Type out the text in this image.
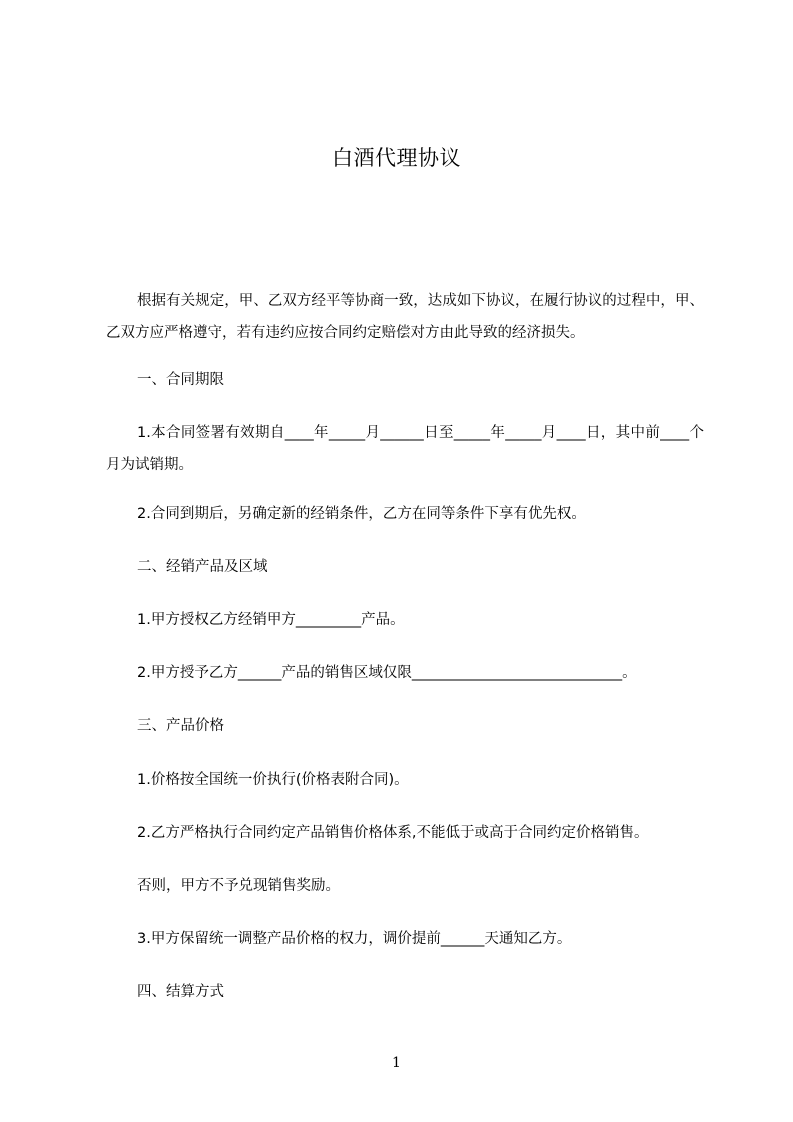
白酒代理协议
根据有关规定，甲、乙双方经平等协商一致，达成如下协议，在履行协议的过程中，甲、乙双方应严格遵守，若有违约应按合同约定赔偿对方由此导致的经济损失。
一、合同期限
1.本合同签署有效期自____年_____月______日至_____年_____月____日，其中前____个月为试销期。
2.合同到期后，另确定新的经销条件，乙方在同等条件下享有优先权。
二、经销产品及区域
1.甲方授权乙方经销甲方_________产品。
2.甲方授予乙方______产品的销售区域仅限_____________________________。
三、产品价格
1.价格按全国统一价执行(价格表附合同)。
2.乙方严格执行合同约定产品销售价格体系,不能低于或高于合同约定价格销售。
否则，甲方不予兑现销售奖励。
3.甲方保留统一调整产品价格的权力，调价提前______天通知乙方。
四、结算方式
1
